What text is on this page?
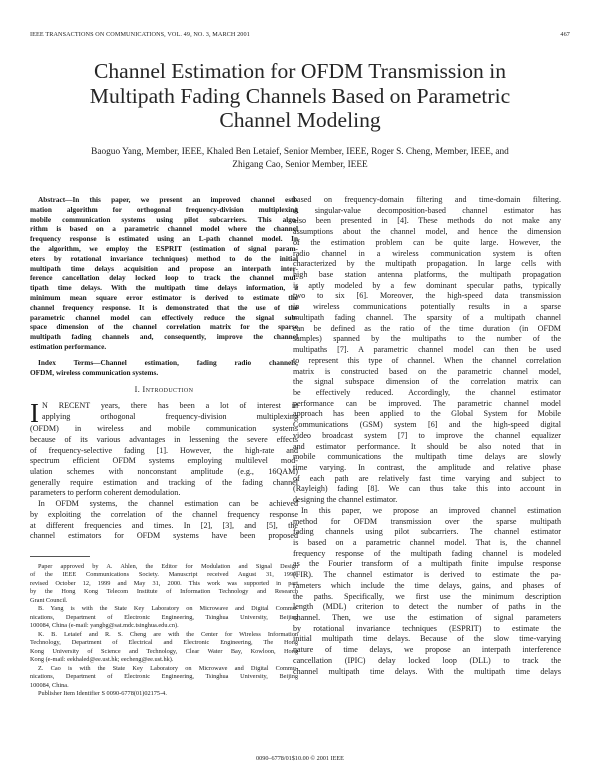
IEEE TRANSACTIONS ON COMMUNICATIONS, VOL. 49, NO. 3, MARCH 2001	467
Channel Estimation for OFDM Transmission in
Multipath Fading Channels Based on Parametric
Channel Modeling
Baoguo Yang, Member, IEEE, Khaled Ben Letaief, Senior Member, IEEE, Roger S. Cheng, Member, IEEE, and
Zhigang Cao, Senior Member, IEEE
Abstract—In this paper, we present an improved channel esti-
mation algorithm for orthogonal frequency-division multiplexing
mobile communication systems using pilot subcarriers. This algo-
rithm is based on a parametric channel model where the channel
frequency response is estimated using an L-path channel model. In
the algorithm, we employ the ESPRIT (estimation of signal param-
eters by rotational invariance techniques) method to do the initial
multipath time delays acquisition and propose an interpath inter-
ference cancellation delay locked loop to track the channel mul-
tipath time delays. With the multipath time delays information, a
minimum mean square error estimator is derived to estimate the
channel frequency response. It is demonstrated that the use of the
parametric channel model can effectively reduce the signal sub-
space dimension of the channel correlation matrix for the sparse
multipath fading channels and, consequently, improve the channel
estimation performance.
Index Terms—Channel estimation, fading radio channels,
OFDM, wireless communication systems.
I. Introduction
I N RECENT years, there has been a lot of interest in
applying orthogonal frequency-division multiplexing
(OFDM) in wireless and mobile communication systems
because of its various advantages in lessening the severe effects
of frequency-selective fading [1]. However, the high-rate and
spectrum efficient OFDM systems employing multilevel mod-
ulation schemes with nonconstant amplitude (e.g., 16QAM)
generally require estimation and tracking of the fading channel
parameters to perform coherent demodulation.
In OFDM systems, the channel estimation can be achieved
by exploiting the correlation of the channel frequency response
at different frequencies and times. In [2], [3], and [5], the
channel estimators for OFDM systems have been proposed
Paper approved by A. Ahlen, the Editor for Modulation and Signal Design
of the IEEE Communications Society. Manuscript received August 31, 1999;
revised October 12, 1999 and May 31, 2000. This work was supported in part
by the Hong Kong Telecom Institute of Information Technology and Research
Grant Council.
B. Yang is with the State Key Laboratory on Microwave and Digital Commu-
nications, Department of Electronic Engineering, Tsinghua University, Beijing
100084, China (e-mail: yangbg@sat.mdc.tsinghua.edu.cn).
K. B. Letaief and R. S. Cheng are with the Center for Wireless Information
Technology, Department of Electrical and Electronic Engineering, The Hong
Kong University of Science and Technology, Clear Water Bay, Kowloon, Hong
Kong (e-mail: eekhaled@ee.ust.hk; eecheng@ee.ust.hk).
Z. Cao is with the State Key Laboratory on Microwave and Digital Commu-
nications, Department of Electronic Engineering, Tsinghua University, Beijing
100084, China.
Publisher Item Identifier S 0090-6778(01)02175-4.
based on frequency-domain filtering and time-domain filtering.
A singular-value decomposition-based channel estimator has
also been presented in [4]. These methods do not make any
assumptions about the channel model, and hence the dimension
of the estimation problem can be quite large. However, the
radio channel in a wireless communication system is often
characterized by the multipath propagation. In large cells with
high base station antenna platforms, the multipath propagation
is aptly modeled by a few dominant specular paths, typically
two to six [6]. Moreover, the high-speed data transmission
in wireless communications potentially results in a sparse
multipath fading channel. The sparsity of a multipath channel
can be defined as the ratio of the time duration (in OFDM
samples) spanned by the multipaths to the number of the
multipaths [7]. A parametric channel model can then be used
to represent this type of channel. When the channel correlation
matrix is constructed based on the parametric channel model,
the signal subspace dimension of the correlation matrix can
be effectively reduced. Accordingly, the channel estimator
performance can be improved. The parametric channel model
approach has been applied to the Global System for Mobile
Communications (GSM) system [6] and the high-speed digital
video broadcast system [7] to improve the channel equalizer
and estimator performance. It should be also noted that in
mobile communications the multipath time delays are slowly
time varying. In contrast, the amplitude and relative phase
of each path are relatively fast time varying and subject to
(Rayleigh) fading [8]. We can thus take this into account in
designing the channel estimator.
In this paper, we propose an improved channel estimation
method for OFDM transmission over the sparse multipath
fading channels using pilot subcarriers. The channel estimator
is based on a parametric channel model. That is, the channel
frequency response of the multipath fading channel is modeled
as the Fourier transform of a multipath finite impulse response
(FIR). The channel estimator is derived to estimate the pa-
rameters which include the time delays, gains, and phases of
the paths. Specifically, we first use the minimum description
length (MDL) criterion to detect the number of paths in the
channel. Then, we use the estimation of signal parameters
by rotational invariance techniques (ESPRIT) to estimate the
initial multipath time delays. Because of the slow time-varying
nature of time delays, we propose an interpath interference
cancellation (IPIC) delay locked loop (DLL) to track the
channel multipath time delays. With the multipath time delays
0090–6778/01$10.00 © 2001 IEEE
